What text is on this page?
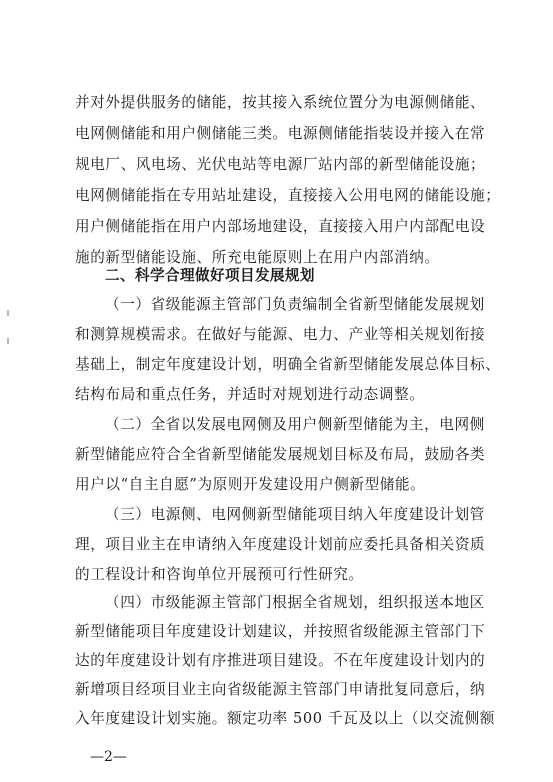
并对外提供服务的储能，按其接入系统位置分为电源侧储能、
电网侧储能和用户侧储能三类。电源侧储能指装设并接入在常
规电厂、风电场、光伏电站等电源厂站内部的新型储能设施；
电网侧储能指在专用站址建设，直接接入公用电网的储能设施；
用户侧储能指在用户内部场地建设，直接接入用户内部配电设
施的新型储能设施、所充电能原则上在用户内部消纳。
二、科学合理做好项目发展规划
（一）省级能源主管部门负责编制全省新型储能发展规划
和测算规模需求。在做好与能源、电力、产业等相关规划衔接
基础上，制定年度建设计划，明确全省新型储能发展总体目标、
结构布局和重点任务，并适时对规划进行动态调整。
（二）全省以发展电网侧及用户侧新型储能为主，电网侧
新型储能应符合全省新型储能发展规划目标及布局，鼓励各类
用户以“自主自愿”为原则开发建设用户侧新型储能。
（三）电源侧、电网侧新型储能项目纳入年度建设计划管
理，项目业主在申请纳入年度建设计划前应委托具备相关资质
的工程设计和咨询单位开展预可行性研究。
—2—
（四）市级能源主管部门根据全省规划，组织报送本地区
新型储能项目年度建设计划建议，并按照省级能源主管部门下
达的年度建设计划有序推进项目建设。不在年度建设计划内的
新增项目经项目业主向省级能源主管部门申请批复同意后，纳
入年度建设计划实施。额定功率 500 千瓦及以上（以交流侧额
